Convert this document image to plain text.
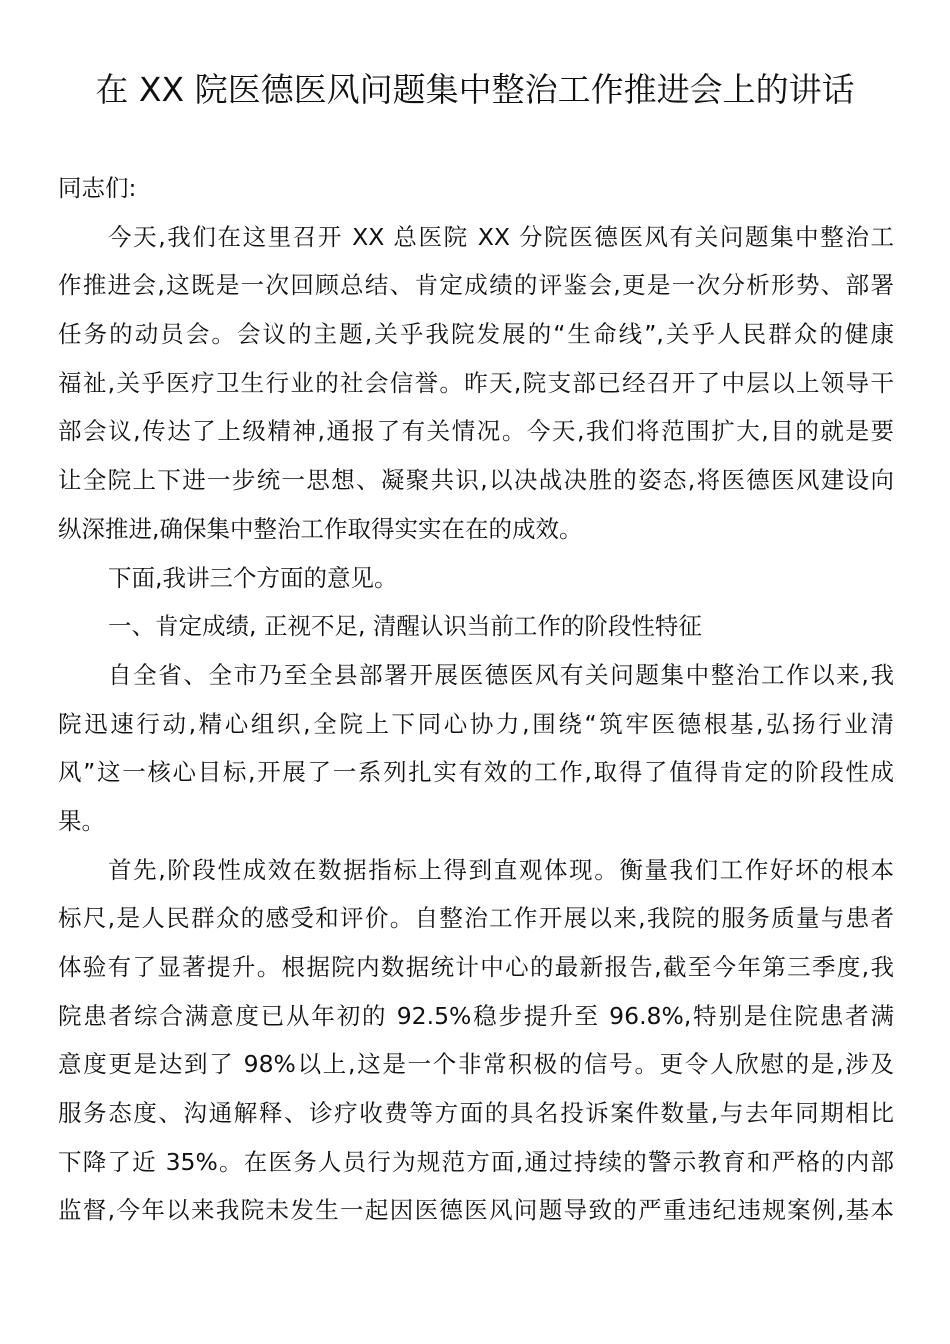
在 XX 院医德医风问题集中整治工作推进会上的讲话

同志们:

今天,我们在这里召开 XX 总医院 XX 分院医德医风有关问题集中整治工
作推进会,这既是一次回顾总结、肯定成绩的评鉴会,更是一次分析形势、部署
任务的动员会。会议的主题,关乎我院发展的“生命线”,关乎人民群众的健康
福祉,关乎医疗卫生行业的社会信誉。昨天,院支部已经召开了中层以上领导干
部会议,传达了上级精神,通报了有关情况。今天,我们将范围扩大,目的就是要
让全院上下进一步统一思想、凝聚共识,以决战决胜的姿态,将医德医风建设向
纵深推进,确保集中整治工作取得实实在在的成效。

下面,我讲三个方面的意见。

一、肯定成绩, 正视不足, 清醒认识当前工作的阶段性特征

自全省、全市乃至全县部署开展医德医风有关问题集中整治工作以来,我
院迅速行动,精心组织,全院上下同心协力,围绕“筑牢医德根基,弘扬行业清
风”这一核心目标,开展了一系列扎实有效的工作,取得了值得肯定的阶段性成
果。

首先,阶段性成效在数据指标上得到直观体现。衡量我们工作好坏的根本
标尺,是人民群众的感受和评价。自整治工作开展以来,我院的服务质量与患者
体验有了显著提升。根据院内数据统计中心的最新报告,截至今年第三季度,我
院患者综合满意度已从年初的 92.5%稳步提升至 96.8%,特别是住院患者满
意度更是达到了 98%以上,这是一个非常积极的信号。更令人欣慰的是,涉及
服务态度、沟通解释、诊疗收费等方面的具名投诉案件数量,与去年同期相比
下降了近 35%。在医务人员行为规范方面,通过持续的警示教育和严格的内部
监督,今年以来我院未发生一起因医德医风问题导致的严重违纪违规案例,基本
